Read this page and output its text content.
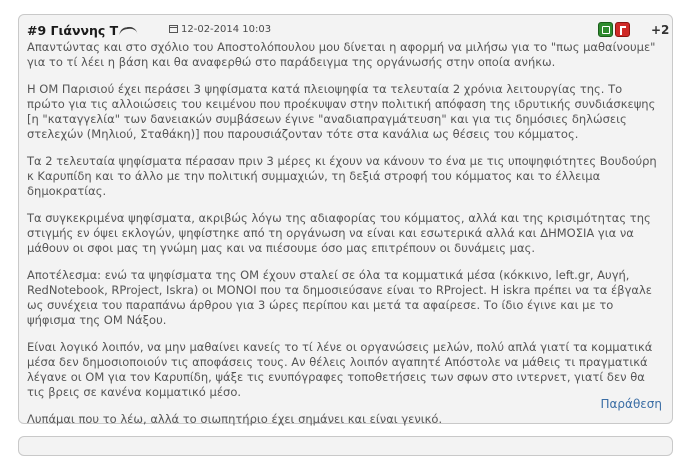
#9 Γιάννης Τ	12-02-2014 10:03	+2

Απαντώντας και στο σχόλιο του Αποστολόπουλου μου δίνεται η αφορμή να μιλήσω για το "πως μαθαίνουμε" για το τί λέει η βάση και θα αναφερθώ στο παράδειγμα της οργάνωσής στην οποία ανήκω.

Η ΟΜ Παρισιού έχει περάσει 3 ψηφίσματα κατά πλειοψηφία τα τελευταία 2 χρόνια λειτουργίας της. Το πρώτο για τις αλλοιώσεις του κειμένου που προέκυψαν στην πολιτική απόφαση της ιδρυτικής συνδιάσκεψης [η "καταγγελία" των δανειακών συμβάσεων έγινε "αναδιαπραγμάτευση" και για τις δημόσιες δηλώσεις στελεχών (Μηλιού, Σταθάκη)] που παρουσιάζονταν τότε στα κανάλια ως θέσεις του κόμματος.

Τα 2 τελευταία ψηφίσματα πέρασαν πριν 3 μέρες κι έχουν να κάνουν το ένα με τις υποψηφιότητες Βουδούρη κ Καρυπίδη και το άλλο με την πολιτική συμμαχιών, τη δεξιά στροφή του κόμματος και το έλλειμα δημοκρατίας.

Τα συγκεκριμένα ψηφίσματα, ακριβώς λόγω της αδιαφορίας του κόμματος, αλλά και της κρισιμότητας της στιγμής εν όψει εκλογών, ψηφίστηκε από τη οργάνωση να είναι και εσωτερικά αλλά και ΔΗΜΟΣΙΑ για να μάθουν οι σφοι μας τη γνώμη μας και να πιέσουμε όσο μας επιτρέπουν οι δυνάμεις μας.

Αποτέλεσμα: ενώ τα ψηφίσματα της ΟΜ έχουν σταλεί σε όλα τα κομματικά μέσα (κόκκινο, left.gr, Αυγή, RedNotebook, RProject, Iskra) οι ΜΟΝΟΙ που τα δημοσιεύσανε είναι το RProject. Η iskra πρέπει να τα έβγαλε ως συνέχεια του παραπάνω άρθρου για 3 ώρες περίπου και μετά τα αφαίρεσε. Το ίδιο έγινε και με το ψήφισμα της ΟΜ Νάξου.

Είναι λογικό λοιπόν, να μην μαθαίνει κανείς το τί λένε οι οργανώσεις μελών, πολύ απλά γιατί τα κομματικά μέσα δεν δημοσιοποιούν τις αποφάσεις τους. Αν θέλεις λοιπόν αγαπητέ Απόστολε να μάθεις τι πραγματικά λέγανε οι ΟΜ για τον Καρυπίδη, ψάξε τις ενυπόγραφες τοποθετήσεις των σφων στο ιντερνετ, γιατί δεν θα τις βρεις σε κανένα κομματικό μέσο.

Λυπάμαι που το λέω, αλλά το σιωπητήριο έχει σημάνει και είναι γενικό.

Παράθεση
